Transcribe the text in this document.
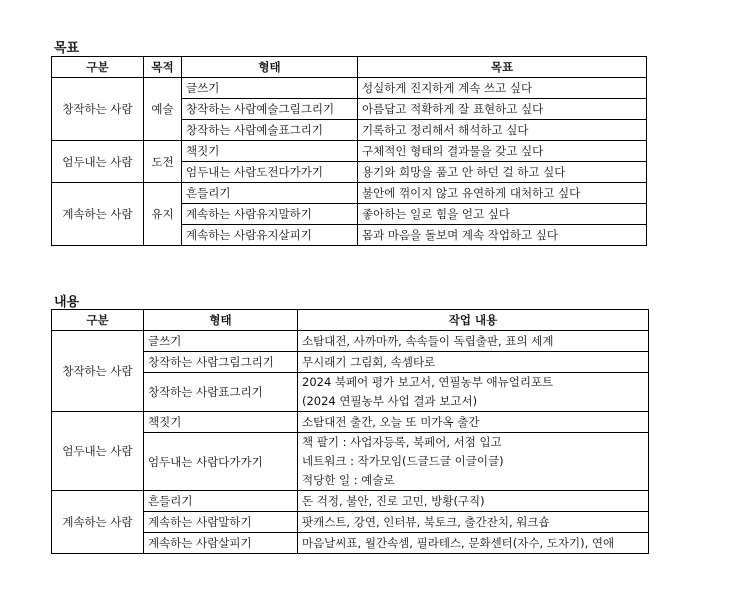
목표
구분	목적	형태	목표
창작하는 사람	예술	글쓰기	성실하게 진지하게 계속 쓰고 싶다
		창작하는 사람예술그림그리기	아름답고 적확하게 잘 표현하고 싶다
		창작하는 사람예술표그리기	기록하고 정리해서 해석하고 싶다
엄두내는 사람	도전	책짓기	구체적인 형태의 결과물을 갖고 싶다
		엄두내는 사람도전다가가기	용기와 희망을 품고 안 하던 걸 하고 싶다
계속하는 사람	유지	흔들리기	불안에 꺾이지 않고 유연하게 대처하고 싶다
		계속하는 사람유지말하기	좋아하는 일로 힘을 얻고 싶다
		계속하는 사람유지살피기	몸과 마음을 돌보며 계속 작업하고 싶다
내용
구분	형태	작업 내용
창작하는 사람	글쓰기	소탐대전, 사까마까, 속속들이 독립출판, 표의 세계
	창작하는 사람그림그리기	무시래기 그림회, 속셈타로
	창작하는 사람표그리기	2024 북페어 평가 보고서, 연필농부 애뉴얼리포트
(2024 연필농부 사업 결과 보고서)

엄두내는 사람	책짓기	소탐대전 출간, 오늘 또 미가옥 출간
	엄두내는 사람다가가기	책 팔기 : 사업자등록, 북페어, 서점 입고
네트워크 : 작가모임(드글드글 이글이글)
적당한 일 : 예술로

계속하는 사람	흔들리기	돈 걱정, 불안, 진로 고민, 방황(구직)
	계속하는 사람말하기	팟캐스트, 강연, 인터뷰, 북토크, 출간잔치, 워크숍
	계속하는 사람살피기	마음날씨표, 월간속셈, 필라테스, 문화센터(자수, 도자기), 연애
